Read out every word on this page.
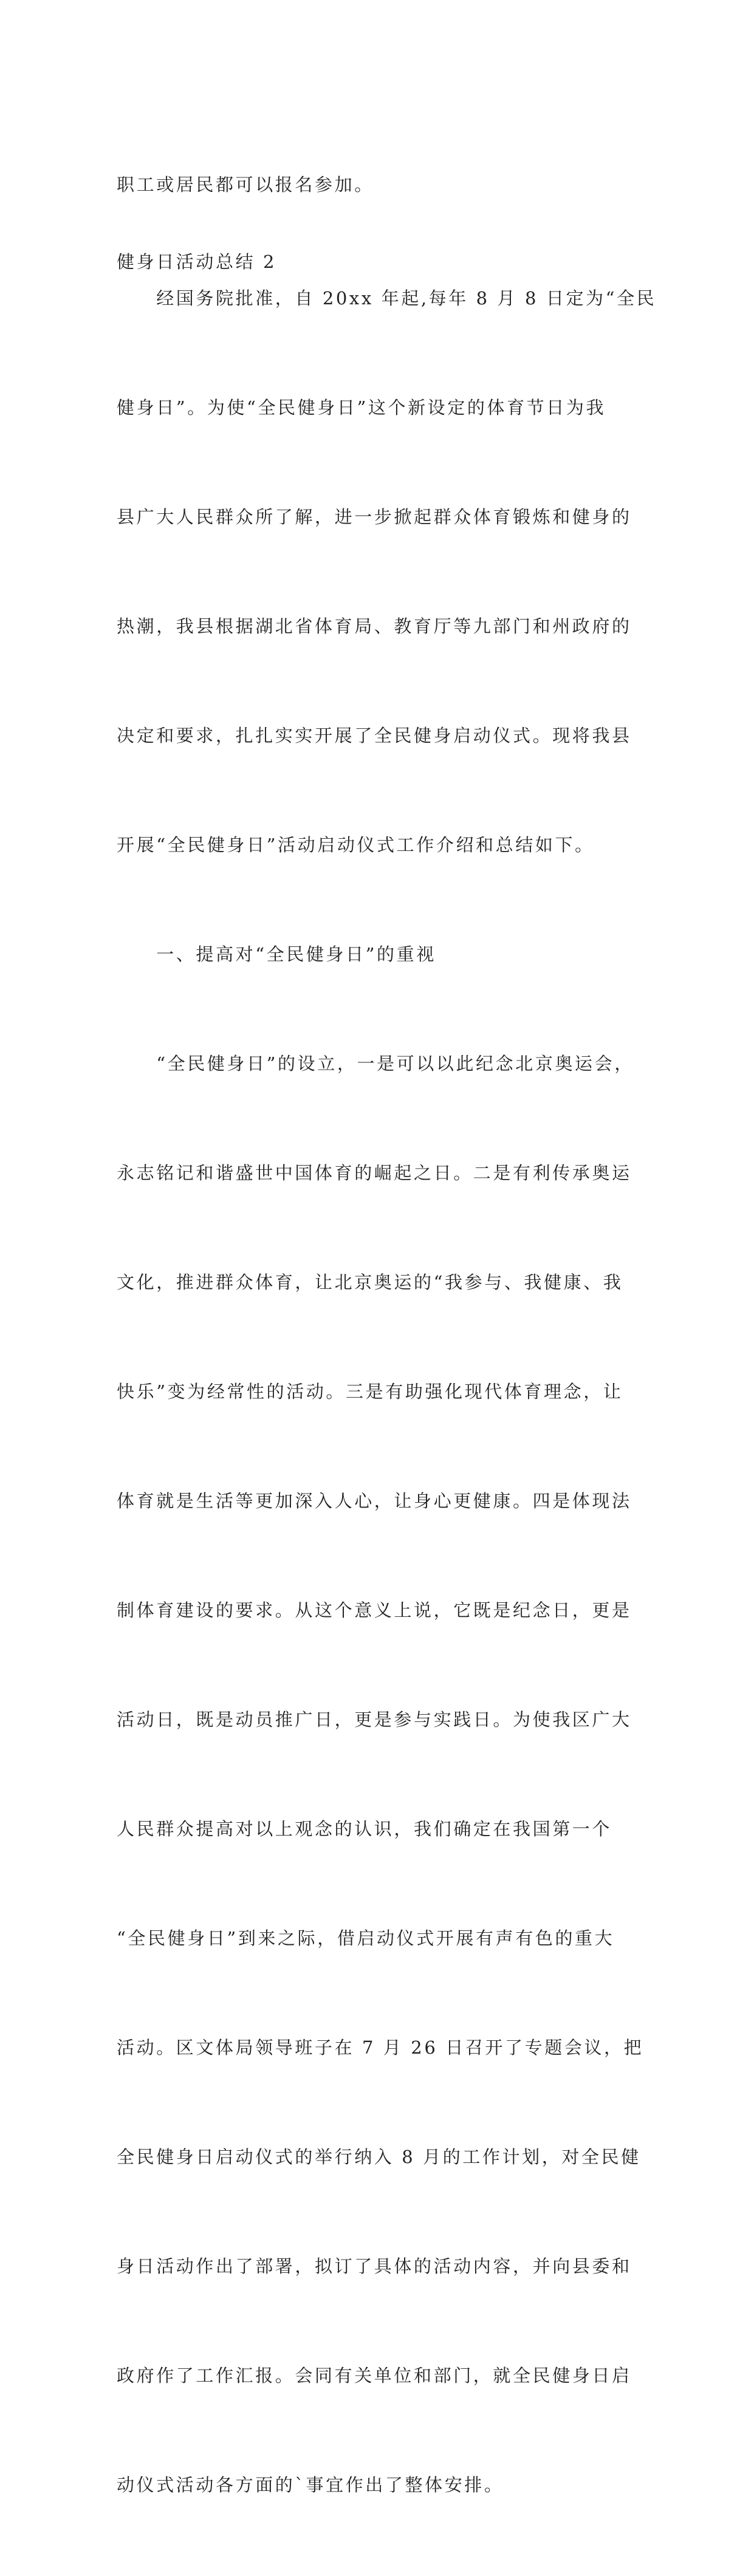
职工或居民都可以报名参加。

健身日活动总结 2

　　经国务院批准，自 20xx 年起,每年 8 月 8 日定为“全民

健身日”。为使“全民健身日”这个新设定的体育节日为我

县广大人民群众所了解，进一步掀起群众体育锻炼和健身的

热潮，我县根据湖北省体育局、教育厅等九部门和州政府的

决定和要求，扎扎实实开展了全民健身启动仪式。现将我县

开展“全民健身日”活动启动仪式工作介绍和总结如下。

　　一、提高对“全民健身日”的重视

　　“全民健身日”的设立，一是可以以此纪念北京奥运会，

永志铭记和谐盛世中国体育的崛起之日。二是有利传承奥运

文化，推进群众体育，让北京奥运的“我参与、我健康、我

快乐”变为经常性的活动。三是有助强化现代体育理念，让

体育就是生活等更加深入人心，让身心更健康。四是体现法

制体育建设的要求。从这个意义上说，它既是纪念日，更是

活动日，既是动员推广日，更是参与实践日。为使我区广大

人民群众提高对以上观念的认识，我们确定在我国第一个

“全民健身日”到来之际，借启动仪式开展有声有色的重大

活动。区文体局领导班子在 7 月 26 日召开了专题会议，把

全民健身日启动仪式的举行纳入 8 月的工作计划，对全民健

身日活动作出了部署，拟订了具体的活动内容，并向县委和

政府作了工作汇报。会同有关单位和部门，就全民健身日启

动仪式活动各方面的`事宜作出了整体安排。
